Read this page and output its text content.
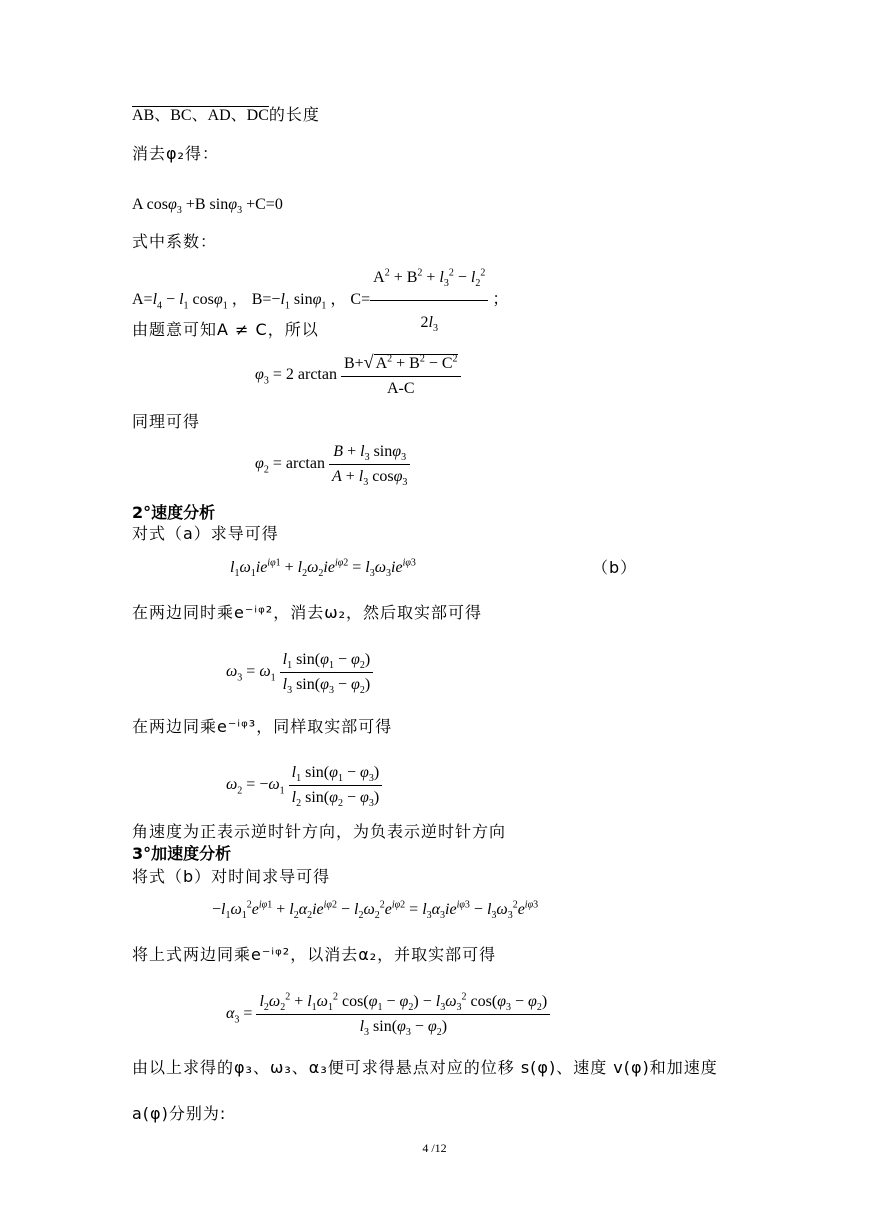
AB、BC、AD、DC的长度
消去φ₂得：
A cosφ$_3$ +B sinφ$_3$ +C=0
式中系数：
$A=l_4 - l_1$ cosφ$_1$ ， $B=-l_1$ sinφ$_1$ ， $C= \frac{A^2 + B^2 + l_3^2 - l_2^2}{2l_3}$ ；
由题意可知A ≠ C，所以
$\varphi_3 = 2$ $\arctan \frac{B+√ A^2 + B^2 - C^2}{A-C}$
同理可得
$\varphi_2 = \arctan \frac{B + l_3 \sin\varphi_3}{A + l_3 \cos\varphi_3}$
2°速度分析
对式（a）求导可得
$l_1\omega_1ie^{i\varphi 1} + l_2\omega_2ie^{i\varphi 2} = l_3\omega_3ie^{i\varphi 3}$	（b）
在两边同时乘e⁻ⁱᵠ²，消去ω₂，然后取实部可得
$\omega_3 = \omega_1 \frac{l_1 \sin(\varphi_1 - \varphi_2)}{l_3 \sin(\varphi_3 - \varphi_2)}$
在两边同乘e⁻ⁱᵠ³，同样取实部可得
$\omega_2 = -\omega_1 \frac{l_1 \sin(\varphi_1 - \varphi_3)}{l_2 \sin(\varphi_2 - \varphi_3)}$
角速度为正表示逆时针方向，为负表示逆时针方向
3°加速度分析
将式（b）对时间求导可得
$-l_1\omega_1^2e^{i\varphi 1} + l_2\alpha_2ie^{i\varphi 2} - l_2\omega_2^2e^{i\varphi 2} = l_3\alpha_3ie^{i\varphi 3} - l_3\omega_3^2e^{i\varphi 3}$
将上式两边同乘e⁻ⁱᵠ²，以消去α₂，并取实部可得
$\alpha_3 = \frac{l_2\omega_2^2 + l_1\omega_1^2 \cos(\varphi_1 - \varphi_2) - l_3\omega_3^2 \cos(\varphi_3 - \varphi_2)}{l_3 \sin(\varphi_3 - \varphi_2)}$
由以上求得的φ₃、ω₃、α₃便可求得悬点对应的位移 s(φ)、速度 v(φ)和加速度
a(φ)分别为:
4 /12
